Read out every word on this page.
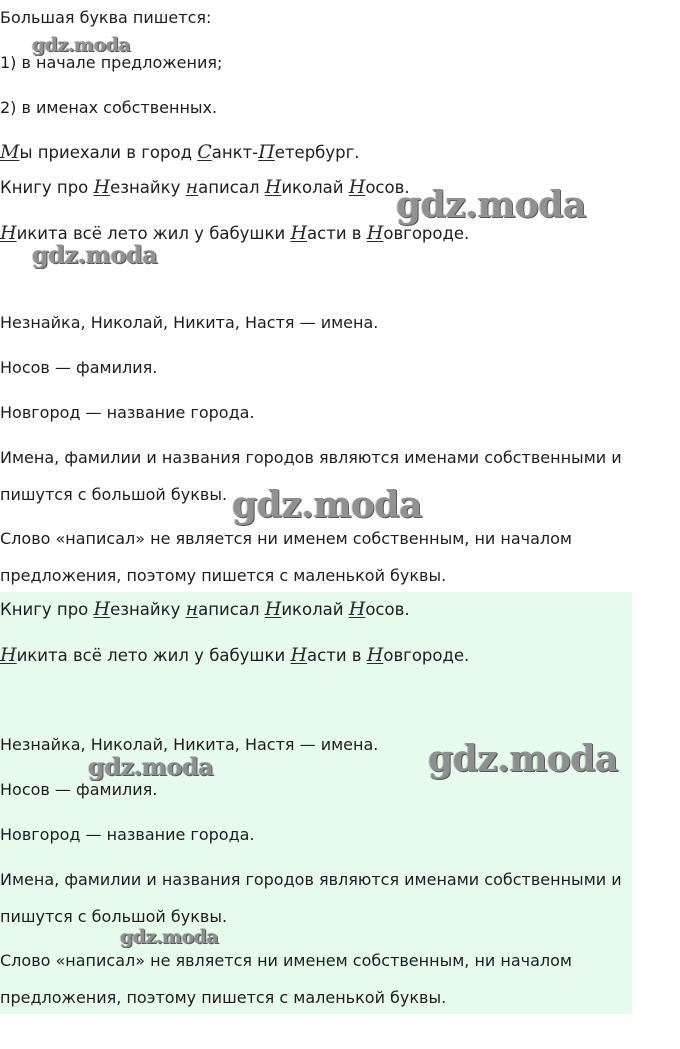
Большая буква пишется:
1) в начале предложения;
2) в именах собственных.
Мы приехали в город Санкт-Петербург.
Книгу про Незнайку написал Николай Носов.
Никита всё лето жил у бабушки Насти в Новгороде.
Незнайка, Николай, Никита, Настя — имена.
Носов — фамилия.
Новгород — название города.
Имена, фамилии и названия городов являются именами собственными и
пишутся с большой буквы.
Слово «написал» не является ни именем собственным, ни началом
предложения, поэтому пишется с маленькой буквы.
Книгу про Незнайку написал Николай Носов.
Никита всё лето жил у бабушки Насти в Новгороде.
Незнайка, Николай, Никита, Настя — имена.
Носов — фамилия.
Новгород — название города.
Имена, фамилии и названия городов являются именами собственными и
пишутся с большой буквы.
Слово «написал» не является ни именем собственным, ни началом
предложения, поэтому пишется с маленькой буквы.
gdz.moda
gdz.moda
gdz.moda
gdz.moda
gdz.moda
gdz.moda
gdz.moda
